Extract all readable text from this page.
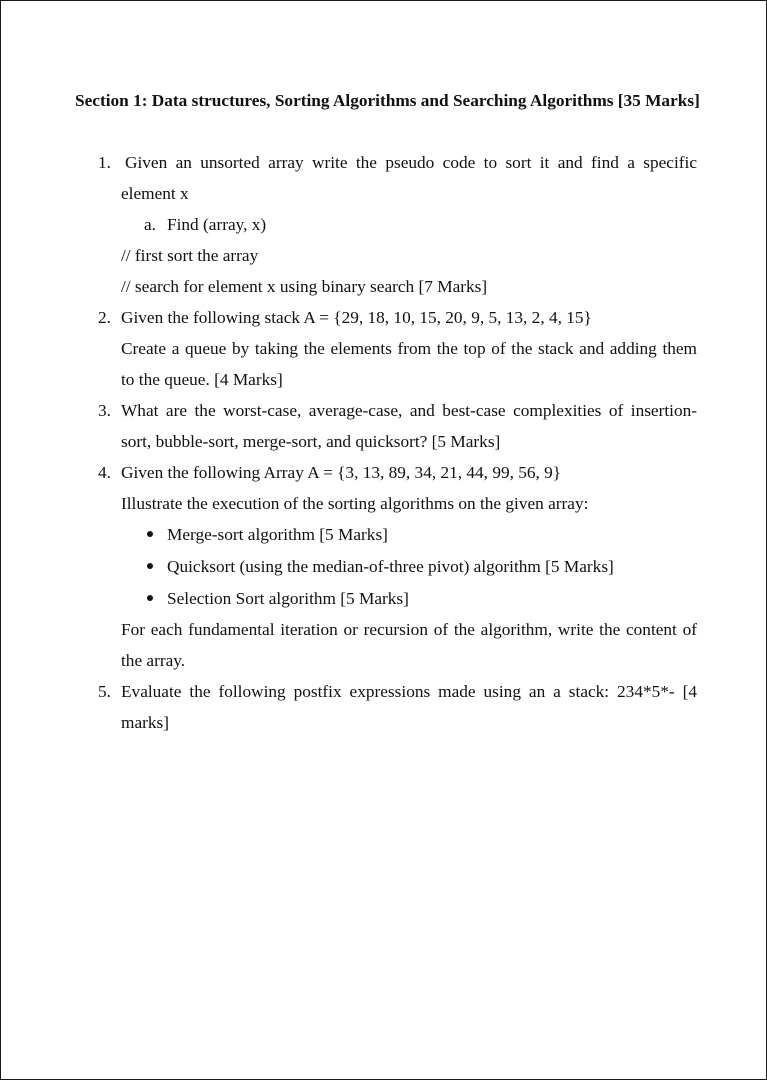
Section 1: Data structures, Sorting Algorithms and Searching Algorithms [35 Marks]
1. Given an unsorted array write the pseudo code to sort it and find a specific
element x
a. Find (array, x)
// first sort the array
// search for element x using binary search [7 Marks]
2. Given the following stack A = {29, 18, 10, 15, 20, 9, 5, 13, 2, 4, 15}
Create a queue by taking the elements from the top of the stack and adding them
to the queue. [4 Marks]
3. What are the worst-case, average-case, and best-case complexities of insertion-
sort, bubble-sort, merge-sort, and quicksort? [5 Marks]
4. Given the following Array A = {3, 13, 89, 34, 21, 44, 99, 56, 9}
Illustrate the execution of the sorting algorithms on the given array:
Merge-sort algorithm [5 Marks]
Quicksort (using the median-of-three pivot) algorithm [5 Marks]
Selection Sort algorithm [5 Marks]
For each fundamental iteration or recursion of the algorithm, write the content of
the array.
5. Evaluate the following postfix expressions made using an a stack: 234*5*- [4
marks]
